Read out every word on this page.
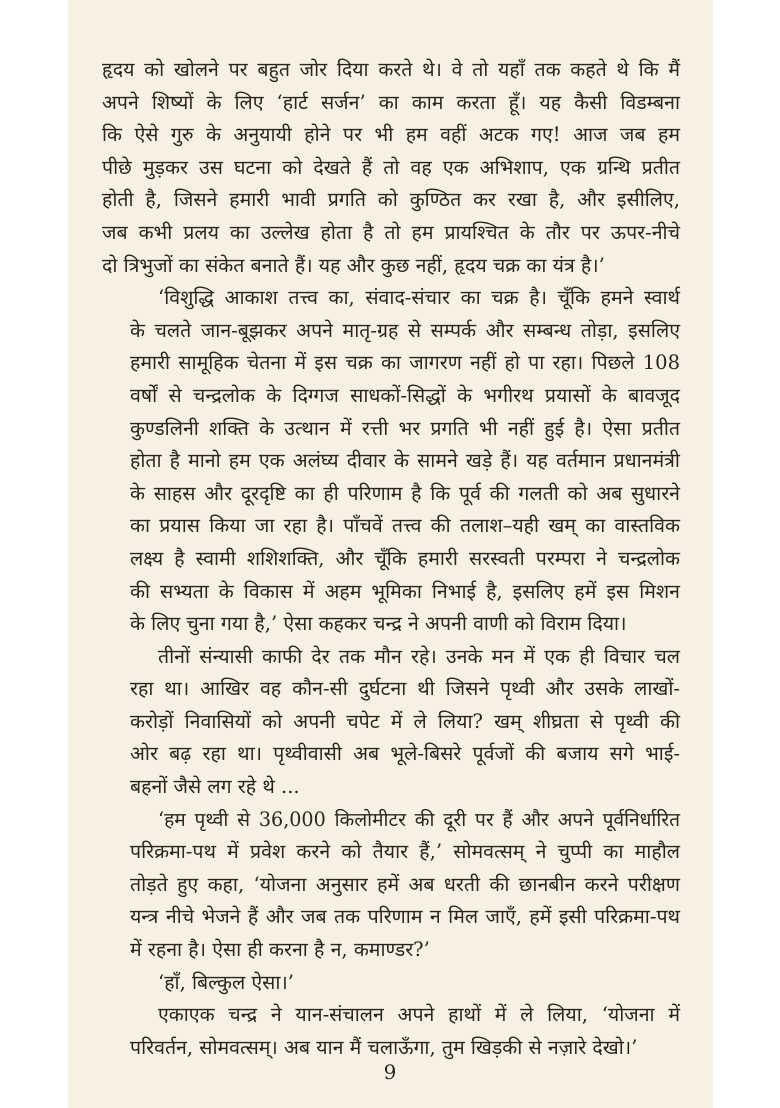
हृदय को खोलने पर बहुत जोर दिया करते थे। वे तो यहाँ तक कहते थे कि मैं
अपने शिष्यों के लिए ‘हार्ट सर्जन’ का काम करता हूँ। यह कैसी विडम्बना
कि ऐसे गुरु के अनुयायी होने पर भी हम वहीं अटक गए! आज जब हम
पीछे मुड़कर उस घटना को देखते हैं तो वह एक अभिशाप, एक ग्रन्थि प्रतीत
होती है, जिसने हमारी भावी प्रगति को कुण्ठित कर रखा है, और इसीलिए,
जब कभी प्रलय का उल्लेख होता है तो हम प्रायश्चित के तौर पर ऊपर-नीचे
दो त्रिभुजों का संकेत बनाते हैं। यह और कुछ नहीं, हृदय चक्र का यंत्र है।’
‘विशुद्धि आकाश तत्त्व का, संवाद-संचार का चक्र है। चूँकि हमने स्वार्थ
के चलते जान-बूझकर अपने मातृ-ग्रह से सम्पर्क और सम्बन्ध तोड़ा, इसलिए
हमारी सामूहिक चेतना में इस चक्र का जागरण नहीं हो पा रहा। पिछले 108
वर्षों से चन्द्रलोक के दिग्गज साधकों-सिद्धों के भगीरथ प्रयासों के बावजूद
कुण्डलिनी शक्ति के उत्थान में रत्ती भर प्रगति भी नहीं हुई है। ऐसा प्रतीत
होता है मानो हम एक अलंघ्य दीवार के सामने खड़े हैं। यह वर्तमान प्रधानमंत्री
के साहस और दूरदृष्टि का ही परिणाम है कि पूर्व की गलती को अब सुधारने
का प्रयास किया जा रहा है। पाँचवें तत्त्व की तलाश–यही खम् का वास्तविक
लक्ष्य है स्वामी शशिशक्ति, और चूँकि हमारी सरस्वती परम्परा ने चन्द्रलोक
की सभ्यता के विकास में अहम भूमिका निभाई है, इसलिए हमें इस मिशन
के लिए चुना गया है,’ ऐसा कहकर चन्द्र ने अपनी वाणी को विराम दिया।
तीनों संन्यासी काफी देर तक मौन रहे। उनके मन में एक ही विचार चल
रहा था। आखिर वह कौन-सी दुर्घटना थी जिसने पृथ्वी और उसके लाखों-
करोड़ों निवासियों को अपनी चपेट में ले लिया? खम् शीघ्रता से पृथ्वी की
ओर बढ़ रहा था। पृथ्वीवासी अब भूले-बिसरे पूर्वजों की बजाय सगे भाई-
बहनों जैसे लग रहे थे ...
‘हम पृथ्वी से 36,000 किलोमीटर की दूरी पर हैं और अपने पूर्वनिर्धारित
परिक्रमा-पथ में प्रवेश करने को तैयार हैं,’ सोमवत्सम् ने चुप्पी का माहौल
तोड़ते हुए कहा, ‘योजना अनुसार हमें अब धरती की छानबीन करने परीक्षण
यन्त्र नीचे भेजने हैं और जब तक परिणाम न मिल जाएँ, हमें इसी परिक्रमा-पथ
में रहना है। ऐसा ही करना है न, कमाण्डर?’
‘हाँ, बिल्कुल ऐसा।’
एकाएक चन्द्र ने यान-संचालन अपने हाथों में ले लिया, ‘योजना में
परिवर्तन, सोमवत्सम्। अब यान मैं चलाऊँगा, तुम खिड़की से नज़ारे देखो।’
9
